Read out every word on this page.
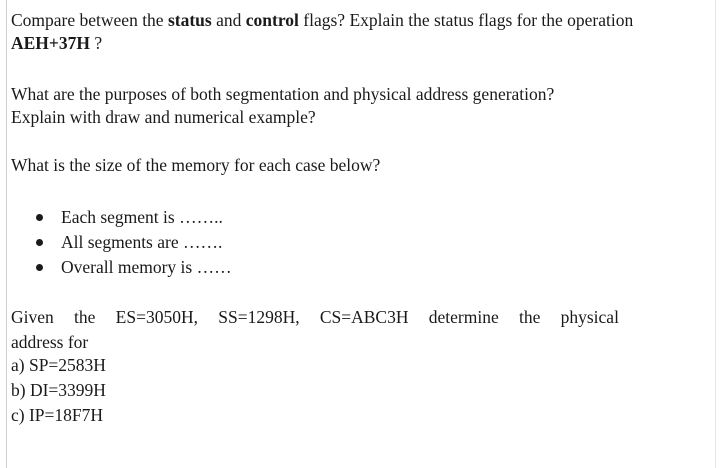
Compare between the status and control flags? Explain the status flags for the operation AEH+37H ?
What are the purposes of both segmentation and physical address generation?
Explain with draw and numerical example?
What is the size of the memory for each case below?
Each segment is ……..
All segments are …….
Overall memory is ……
Given the ES=3050H, SS=1298H, CS=ABC3H determine the physical
address for
a) SP=2583H
b) DI=3399H
c) IP=18F7H
